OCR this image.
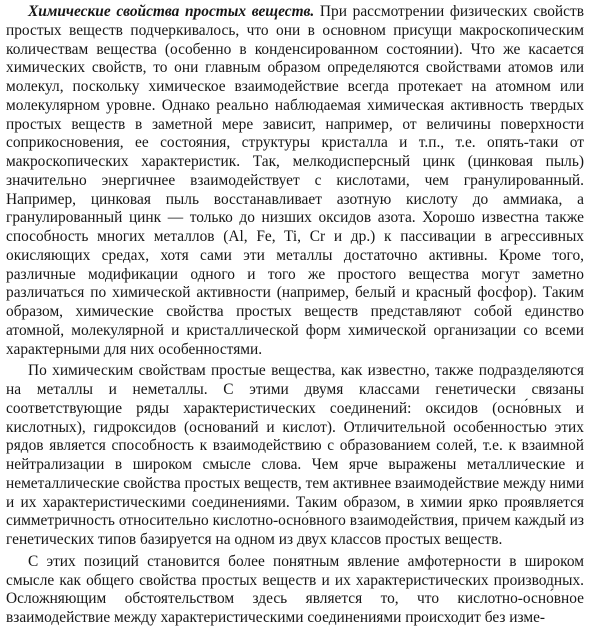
Химические свойства простых веществ. При рассмотрении физических свойств простых веществ подчеркивалось, что они в основном присущи макроскопическим количествам вещества (особенно в конденсированном состоянии). Что же касается химических свойств, то они главным образом определяются свойствами атомов или молекул, поскольку химическое взаимодействие всегда протекает на атомном или молекулярном уровне. Однако реально наблюдаемая химическая активность твердых простых веществ в заметной мере зависит, например, от величины поверхности соприкосновения, ее состояния, структуры кристалла и т.п., т.е. опять-таки от макроскопических характеристик. Так, мелкодисперсный цинк (цинковая пыль) значительно энергичнее взаимодействует с кислотами, чем гранулированный. Например, цинковая пыль восстанавливает азотную кислоту до аммиака, а гранулированный цинк — только до низших оксидов азота. Хорошо известна также способность многих металлов (Al, Fe, Ti, Cr и др.) к пассивации в агрессивных окисляющих средах, хотя сами эти металлы достаточно активны. Кроме того, различные модификации одного и того же простого вещества могут заметно различаться по химической активности (например, белый и красный фосфор). Таким образом, химические свойства простых веществ представляют собой единство атомной, молекулярной и кристаллической форм химической организации со всеми характерными для них особенностями.

По химическим свойствам простые вещества, как известно, также подразделяются на металлы и неметаллы. С этими двумя классами генетически связаны соответствующие ряды характеристических соединений: оксидов (осно́вных и кислотных), гидроксидов (оснований и кислот). Отличительной особенностью этих рядов является способность к взаимодействию с образованием солей, т.е. к взаимной нейтрализации в широком смысле слова. Чем ярче выражены металлические и неметаллические свойства простых веществ, тем активнее взаимодействие между ними и их характеристическими соединениями. Таким образом, в химии ярко проявляется симметричность относительно кислотно-осно́вного взаимодействия, причем каждый из генетических типов базируется на одном из двух классов простых веществ.

С этих позиций становится более понятным явление амфотерности в широком смысле как общего свойства простых веществ и их характеристических производных. Осложняющим обстоятельством здесь является то, что кислотно-осно́вное взаимодействие между характеристическими соединениями происходит без изме-
